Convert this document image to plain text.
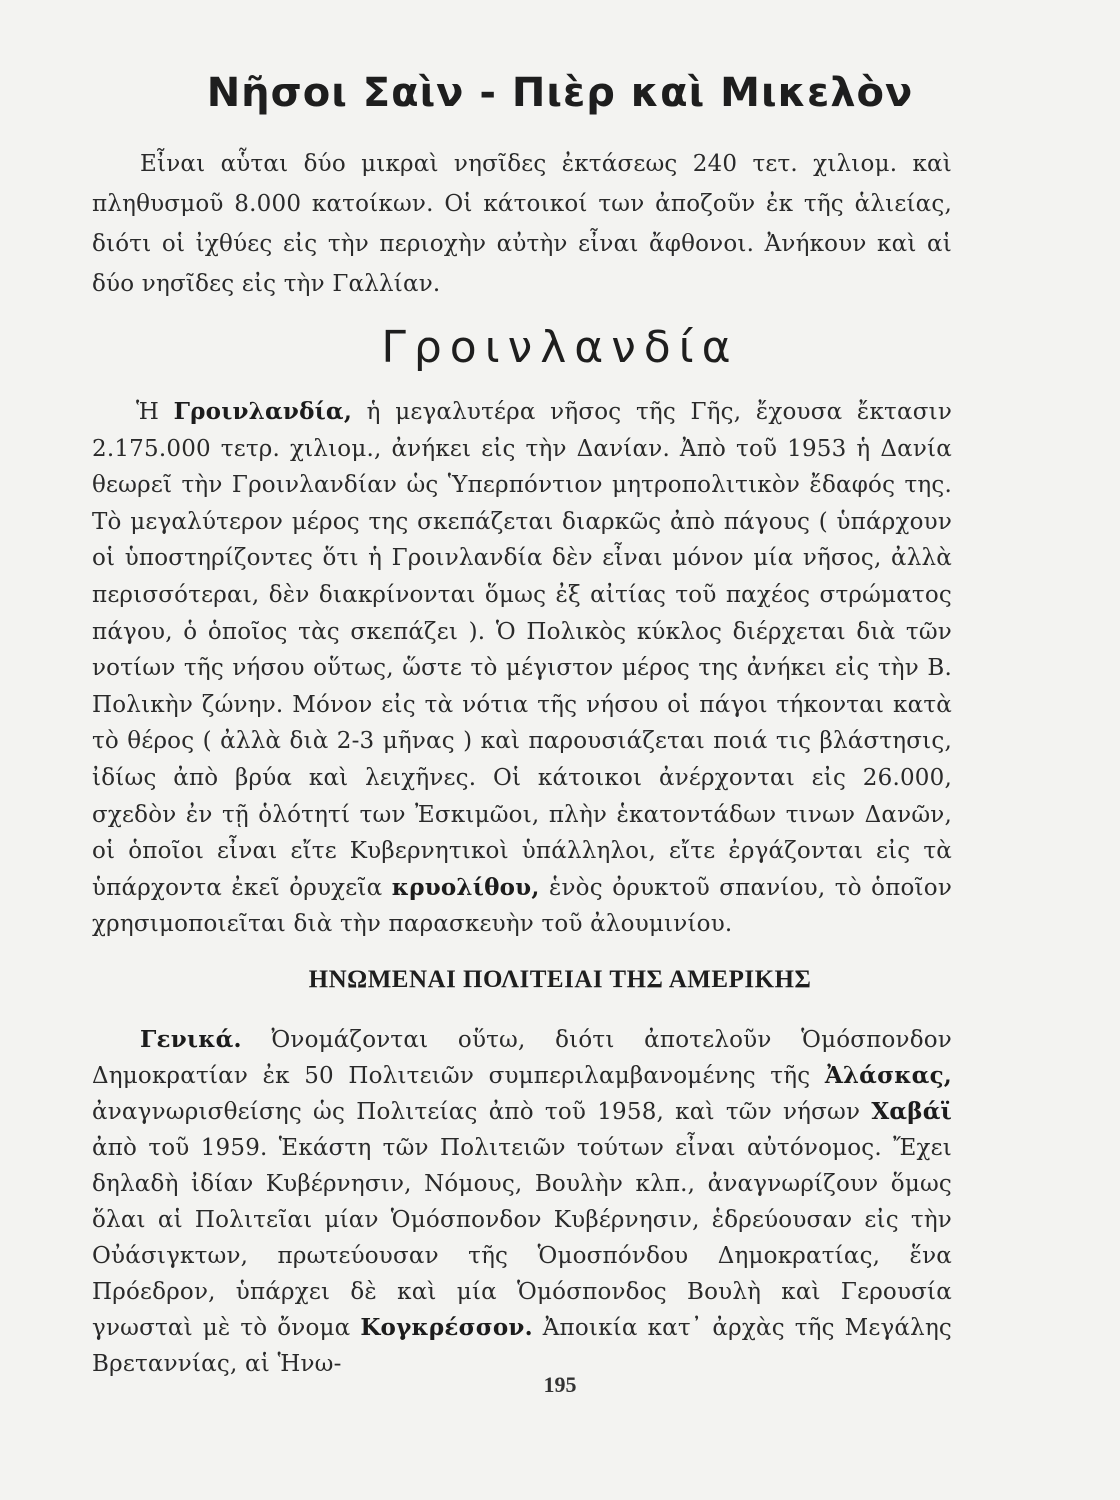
Νῆσοι Σαὶν - Πιὲρ καὶ Μικελὸν

Εἶναι αὗται δύο μικραὶ νησῖδες ἐκτάσεως 240 τετ. χιλιομ. καὶ πληθυσμοῦ 8.000 κατοίκων. Οἱ κάτοικοί των ἀποζοῦν ἐκ τῆς ἁλιείας, διότι οἱ ἰχθύες εἰς τὴν περιοχὴν αὐτὴν εἶναι ἄφθονοι. Ἀνήκουν καὶ αἱ δύο νησῖδες εἰς τὴν Γαλλίαν.

Γροινλανδία

Ἡ Γροινλανδία, ἡ μεγαλυτέρα νῆσος τῆς Γῆς, ἔχουσα ἔκτασιν 2.175.000 τετρ. χιλιομ., ἀνήκει εἰς τὴν Δανίαν. Ἀπὸ τοῦ 1953 ἡ Δανία θεωρεῖ τὴν Γροινλανδίαν ὡς Ὑπερπόντιον μητροπολιτικὸν ἔδαφός της. Τὸ μεγαλύτερον μέρος της σκεπάζεται διαρκῶς ἀπὸ πάγους ( ὑπάρχουν οἱ ὑποστηρίζοντες ὅτι ἡ Γροινλανδία δὲν εἶναι μόνον μία νῆσος, ἀλλὰ περισσότεραι, δὲν διακρίνονται ὅμως ἐξ αἰτίας τοῦ παχέος στρώματος πάγου, ὁ ὁποῖος τὰς σκεπάζει ). Ὁ Πολικὸς κύκλος διέρχεται διὰ τῶν νοτίων τῆς νήσου οὕτως, ὥστε τὸ μέγιστον μέρος της ἀνήκει εἰς τὴν Β. Πολικὴν ζώνην. Μόνον εἰς τὰ νότια τῆς νήσου οἱ πάγοι τήκονται κατὰ τὸ θέρος ( ἀλλὰ διὰ 2-3 μῆνας ) καὶ παρουσιάζεται ποιά τις βλάστησις, ἰδίως ἀπὸ βρύα καὶ λειχῆνες. Οἱ κάτοικοι ἀνέρχονται εἰς 26.000, σχεδὸν ἐν τῇ ὁλότητί των Ἐσκιμῶοι, πλὴν ἑκατοντάδων τινων Δανῶν, οἱ ὁποῖοι εἶναι εἴτε Κυβερνητικοὶ ὑπάλληλοι, εἴτε ἐργάζονται εἰς τὰ ὑπάρχοντα ἐκεῖ ὀρυχεῖα κρυολίθου, ἑνὸς ὀρυκτοῦ σπανίου, τὸ ὁποῖον χρησιμοποιεῖται διὰ τὴν παρασκευὴν τοῦ ἀλουμινίου.

ΗΝΩΜΕΝΑΙ ΠΟΛΙΤΕΙΑΙ ΤΗΣ ΑΜΕΡΙΚΗΣ

Γενικά. Ὀνομάζονται οὕτω, διότι ἀποτελοῦν Ὁμόσπονδον Δημοκρατίαν ἐκ 50 Πολιτειῶν συμπεριλαμβανομένης τῆς Ἀλάσκας, ἀναγνωρισθείσης ὡς Πολιτείας ἀπὸ τοῦ 1958, καὶ τῶν νήσων Χαβάϊ ἀπὸ τοῦ 1959. Ἑκάστη τῶν Πολιτειῶν τούτων εἶναι αὐτόνομος. Ἔχει δηλαδὴ ἰδίαν Κυβέρνησιν, Νόμους, Βουλὴν κλπ., ἀναγνωρίζουν ὅμως ὅλαι αἱ Πολιτεῖαι μίαν Ὁμόσπονδον Κυβέρνησιν, ἑδρεύουσαν εἰς τὴν Οὐάσιγκτων, πρωτεύουσαν τῆς Ὁμοσπόνδου Δημοκρατίας, ἕνα Πρόεδρον, ὑπάρχει δὲ καὶ μία Ὁμόσπονδος Βουλὴ καὶ Γερουσία γνωσταὶ μὲ τὸ ὄνομα Κογκρέσσον. Ἀποικία κατ᾽ ἀρχὰς τῆς Μεγάλης Βρεταννίας, αἱ Ἡνω-

195
